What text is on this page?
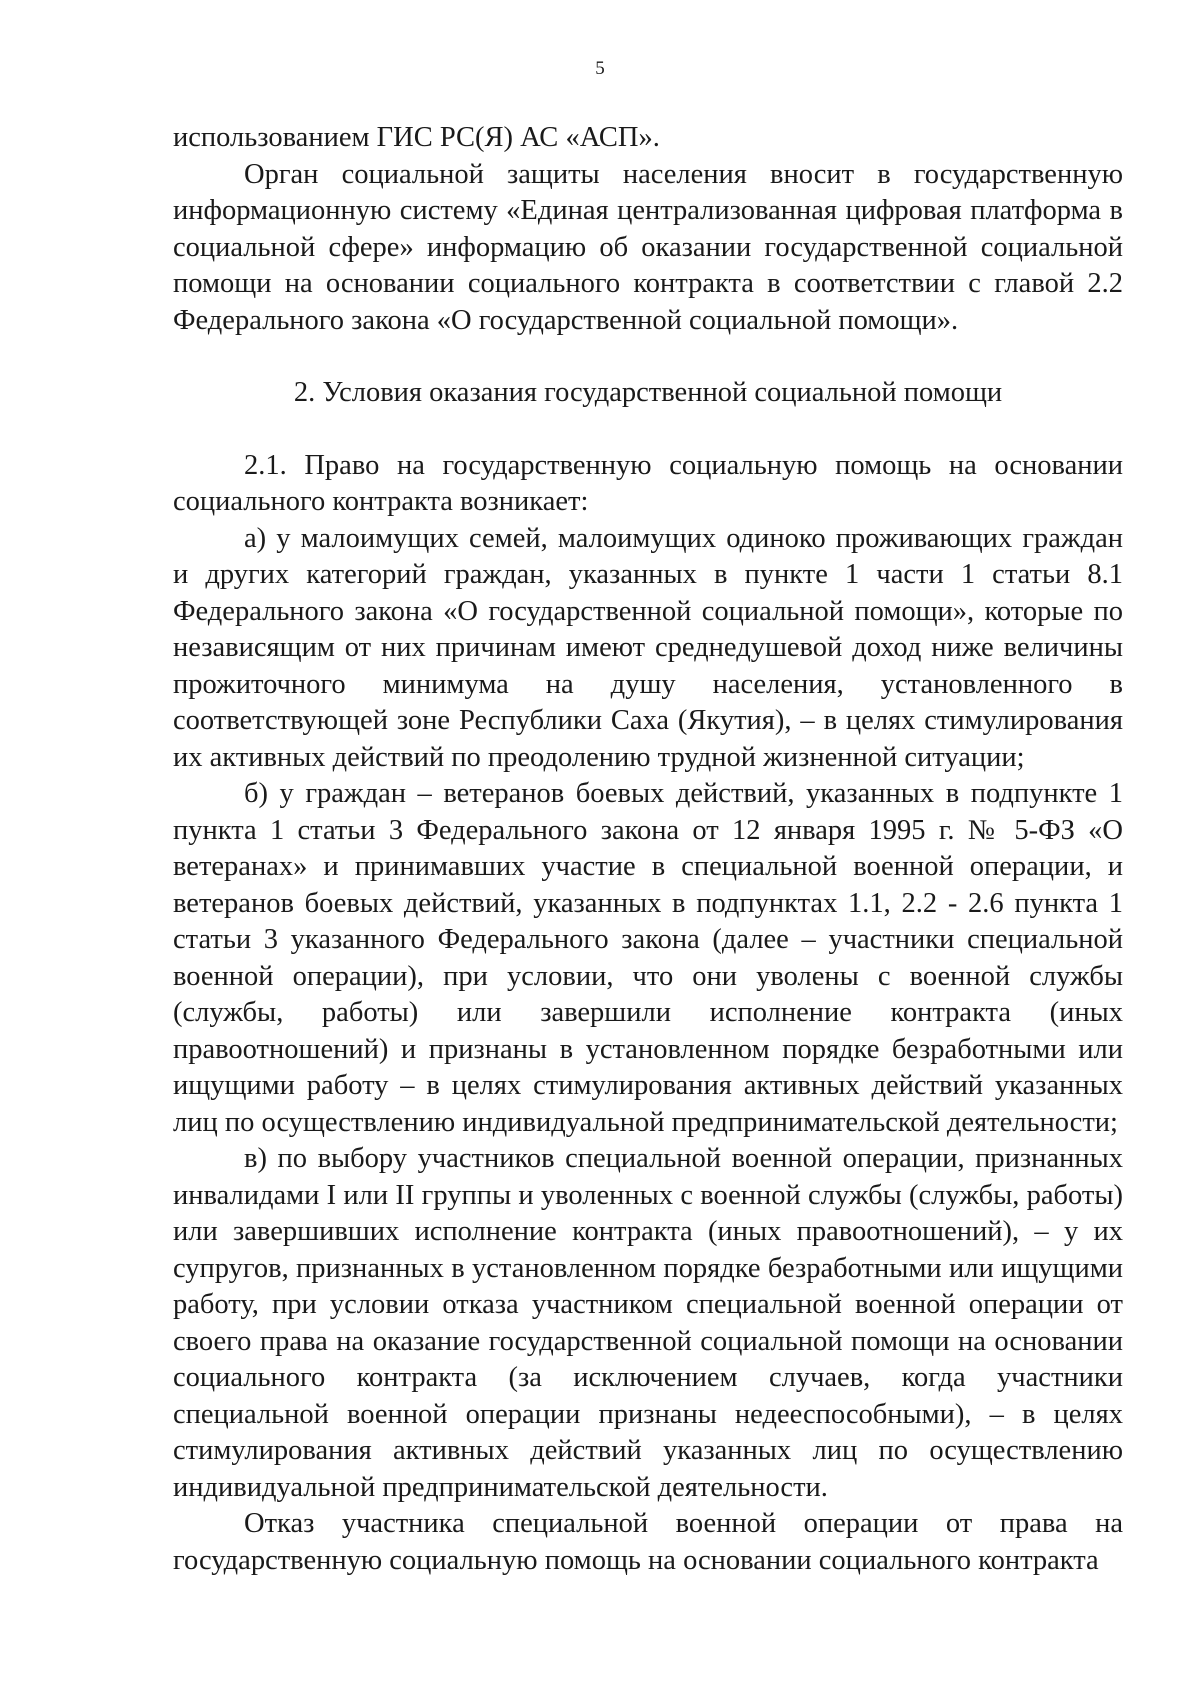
5

использованием ГИС РС(Я) АС «АСП».

Орган социальной защиты населения вносит в государственную информационную систему «Единая централизованная цифровая платформа в социальной сфере» информацию об оказании государственной социальной помощи на основании социального контракта в соответствии с главой 2.2 Федерального закона «О государственной социальной помощи».

2. Условия оказания государственной социальной помощи

2.1. Право на государственную социальную помощь на основании социального контракта возникает:

а) у малоимущих семей, малоимущих одиноко проживающих граждан и других категорий граждан, указанных в пункте 1 части 1 статьи 8.1 Федерального закона «О государственной социальной помощи», которые по независящим от них причинам имеют среднедушевой доход ниже величины прожиточного минимума на душу населения, установленного в соответствующей зоне Республики Саха (Якутия), – в целях стимулирования их активных действий по преодолению трудной жизненной ситуации;

б) у граждан – ветеранов боевых действий, указанных в подпункте 1 пункта 1 статьи 3 Федерального закона от 12 января 1995 г. № 5-ФЗ «О ветеранах» и принимавших участие в специальной военной операции, и ветеранов боевых действий, указанных в подпунктах 1.1, 2.2 - 2.6 пункта 1 статьи 3 указанного Федерального закона (далее – участники специальной военной операции), при условии, что они уволены с военной службы (службы, работы) или завершили исполнение контракта (иных правоотношений) и признаны в установленном порядке безработными или ищущими работу – в целях стимулирования активных действий указанных лиц по осуществлению индивидуальной предпринимательской деятельности;

в) по выбору участников специальной военной операции, признанных инвалидами I или II группы и уволенных с военной службы (службы, работы) или завершивших исполнение контракта (иных правоотношений), – у их супругов, признанных в установленном порядке безработными или ищущими работу, при условии отказа участником специальной военной операции от своего права на оказание государственной социальной помощи на основании социального контракта (за исключением случаев, когда участники специальной военной операции признаны недееспособными), – в целях стимулирования активных действий указанных лиц по осуществлению индивидуальной предпринимательской деятельности.

Отказ участника специальной военной операции от права на государственную социальную помощь на основании социального контракта
